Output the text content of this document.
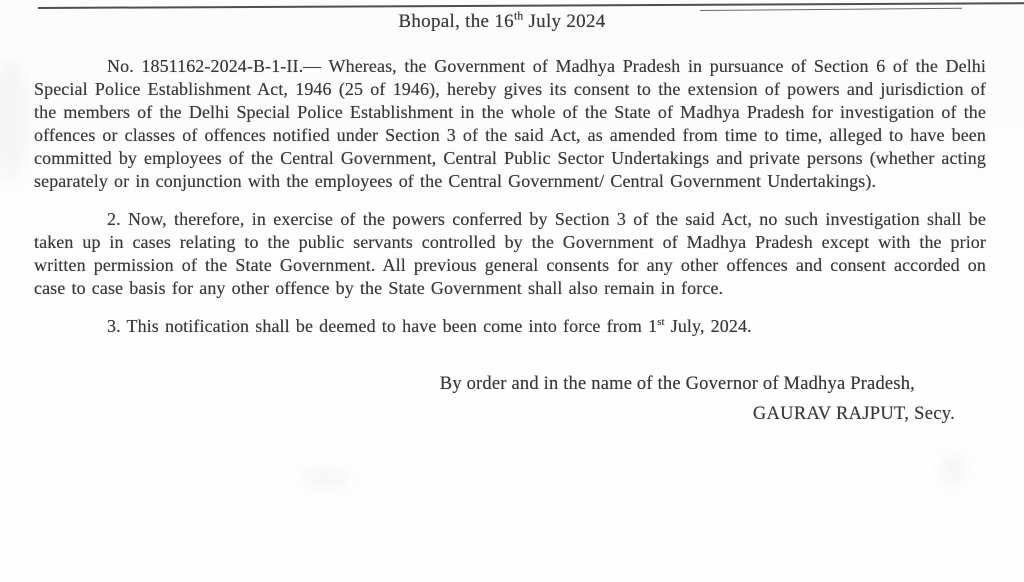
Bhopal, the 16th July 2024

No. 1851162-2024-B-1-II.— Whereas, the Government of Madhya Pradesh in pursuance of Section 6 of the Delhi Special Police Establishment Act, 1946 (25 of 1946), hereby gives its consent to the extension of powers and jurisdiction of the members of the Delhi Special Police Establishment in the whole of the State of Madhya Pradesh for investigation of the offences or classes of offences notified under Section 3 of the said Act, as amended from time to time, alleged to have been committed by employees of the Central Government, Central Public Sector Undertakings and private persons (whether acting separately or in conjunction with the employees of the Central Government/ Central Government Undertakings).

2. Now, therefore, in exercise of the powers conferred by Section 3 of the said Act, no such investigation shall be taken up in cases relating to the public servants controlled by the Government of Madhya Pradesh except with the prior written permission of the State Government. All previous general consents for any other offences and consent accorded on case to case basis for any other offence by the State Government shall also remain in force.

3. This notification shall be deemed to have been come into force from 1st July, 2024.

By order and in the name of the Governor of Madhya Pradesh,
GAURAV RAJPUT, Secy.
